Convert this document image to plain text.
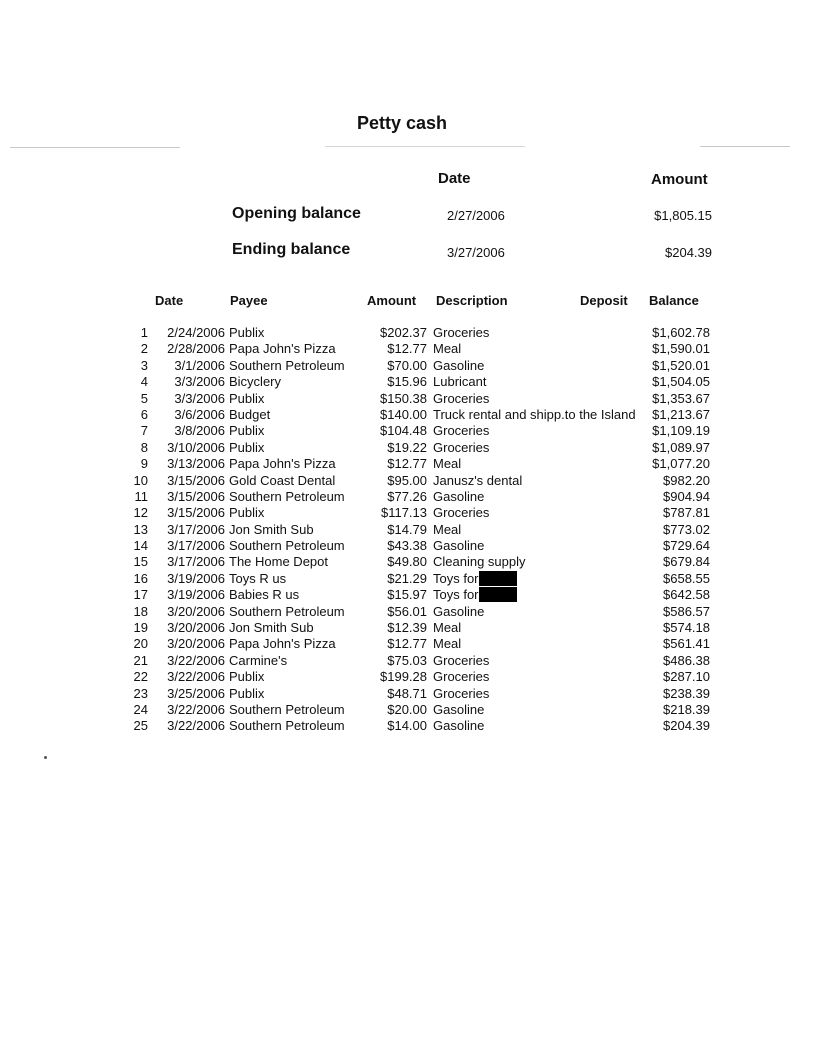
Petty cash
Date	Amount
Opening balance	2/27/2006	$1,805.15
Ending balance	3/27/2006	$204.39
Date	Payee	Amount Description	Deposit Balance
1	2/24/2006 Publix	$202.37 Groceries	$1,602.78
2	2/28/2006 Papa John's Pizza	$12.77 Meal	$1,590.01
3	3/1/2006 Southern Petroleum	$70.00 Gasoline	$1,520.01
4	3/3/2006 Bicyclery	$15.96 Lubricant	$1,504.05
5	3/3/2006 Publix	$150.38 Groceries	$1,353.67
6	3/6/2006 Budget	$140.00 Truck rental and shipp.to the Island	$1,213.67
7	3/8/2006 Publix	$104.48 Groceries	$1,109.19
8	3/10/2006 Publix	$19.22 Groceries	$1,089.97
9	3/13/2006 Papa John's Pizza	$12.77 Meal	$1,077.20
10	3/15/2006 Gold Coast Dental	$95.00 Janusz's dental	$982.20
11	3/15/2006 Southern Petroleum	$77.26 Gasoline	$904.94
12	3/15/2006 Publix	$117.13 Groceries	$787.81
13	3/17/2006 Jon Smith Sub	$14.79 Meal	$773.02
14	3/17/2006 Southern Petroleum	$43.38 Gasoline	$729.64
15	3/17/2006 The Home Depot	$49.80 Cleaning supply	$679.84
16	3/19/2006 Toys R us	$21.29 Toys for	$658.55
17	3/19/2006 Babies R us	$15.97 Toys for	$642.58
18	3/20/2006 Southern Petroleum	$56.01 Gasoline	$586.57
19	3/20/2006 Jon Smith Sub	$12.39 Meal	$574.18
20	3/20/2006 Papa John's Pizza	$12.77 Meal	$561.41
21	3/22/2006 Carmine's	$75.03 Groceries	$486.38
22	3/22/2006 Publix	$199.28 Groceries	$287.10
23	3/25/2006 Publix	$48.71 Groceries	$238.39
24	3/22/2006 Southern Petroleum	$20.00 Gasoline	$218.39
25	3/22/2006 Southern Petroleum	$14.00 Gasoline	$204.39
